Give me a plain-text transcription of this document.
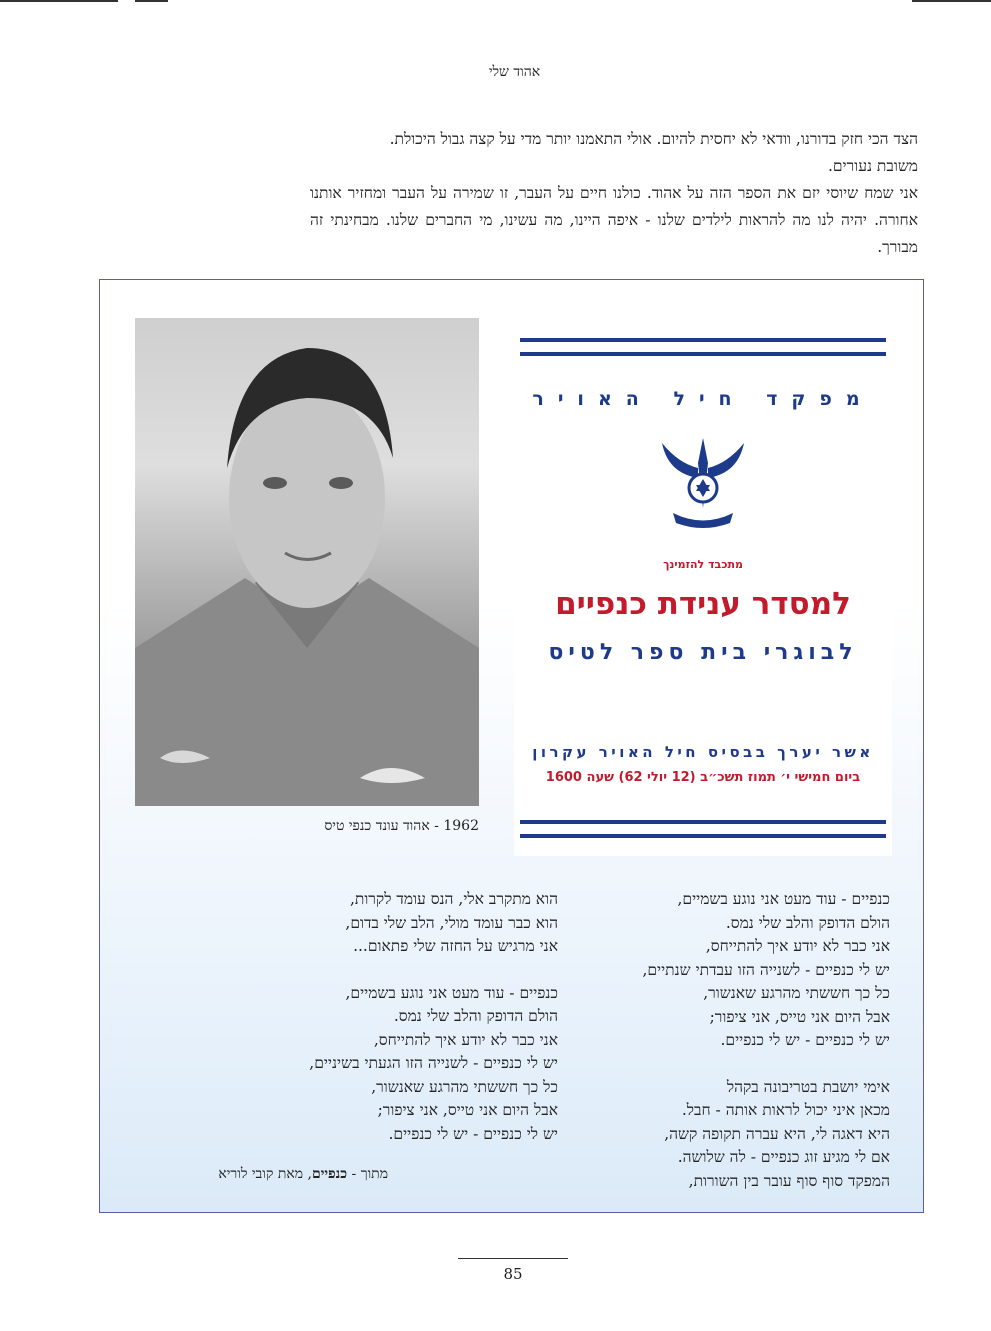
אהוד שלי

הצד הכי חזק בדורנו, וודאי לא יחסית להיום. אולי התאמנו יותר מדי על קצה גבול היכולת.

משובת נעורים.

אני שמח שיוסי יזם את הספר הזה על אהוד. כולנו חיים על העבר, זו שמירה על העבר ומחזיר אותנו אחורה. יהיה לנו מה להראות לילדים שלנו - איפה היינו, מה עשינו, מי החברים שלנו. מבחינתי זה מבורך.

1962 - אהוד עונד כנפי טיס
מפקד חיל האויר
מתכבד להזמינך
למסדר ענידת כנפיים
לבוגרי בית ספר לטיס
אשר יערך בבסיס חיל האויר עקרון
ביום חמישי י׳ תמוז תשכ״ב (12 יולי 62) שעה 1600

כנפיים - עוד מעט אני נוגע בשמיים,

הולם הדופק והלב שלי נמס.

אני כבר לא יודע איך להתייחס,

יש לי כנפיים - לשנייה הזו עבדתי שנתיים,

כל כך חששתי מהרגע שאנשור,

אבל היום אני טייס, אני ציפור;

יש לי כנפיים - יש לי כנפיים.

אימי יושבת בטריבונה בקהל

מכאן איני יכול לראות אותה - חבל.

היא דאגה לי, היא עברה תקופה קשה,

אם לי מגיע זוג כנפיים - לה שלושה.

המפקד סוף סוף עובר בין השורות,

הוא מתקרב אלי, הנס עומד לקרות,

הוא כבר עומד מולי, הלב שלי בדום,

אני מרגיש על החזה שלי פתאום...

כנפיים - עוד מעט אני נוגע בשמיים,

הולם הדופק והלב שלי נמס.

אני כבר לא יודע איך להתייחס,

יש לי כנפיים - לשנייה הזו הגעתי בשיניים,

כל כך חששתי מהרגע שאנשור,

אבל היום אני טייס, אני ציפור;

יש לי כנפיים - יש לי כנפיים.

מתוך - כנפיים, מאת קובי לוריא
85
